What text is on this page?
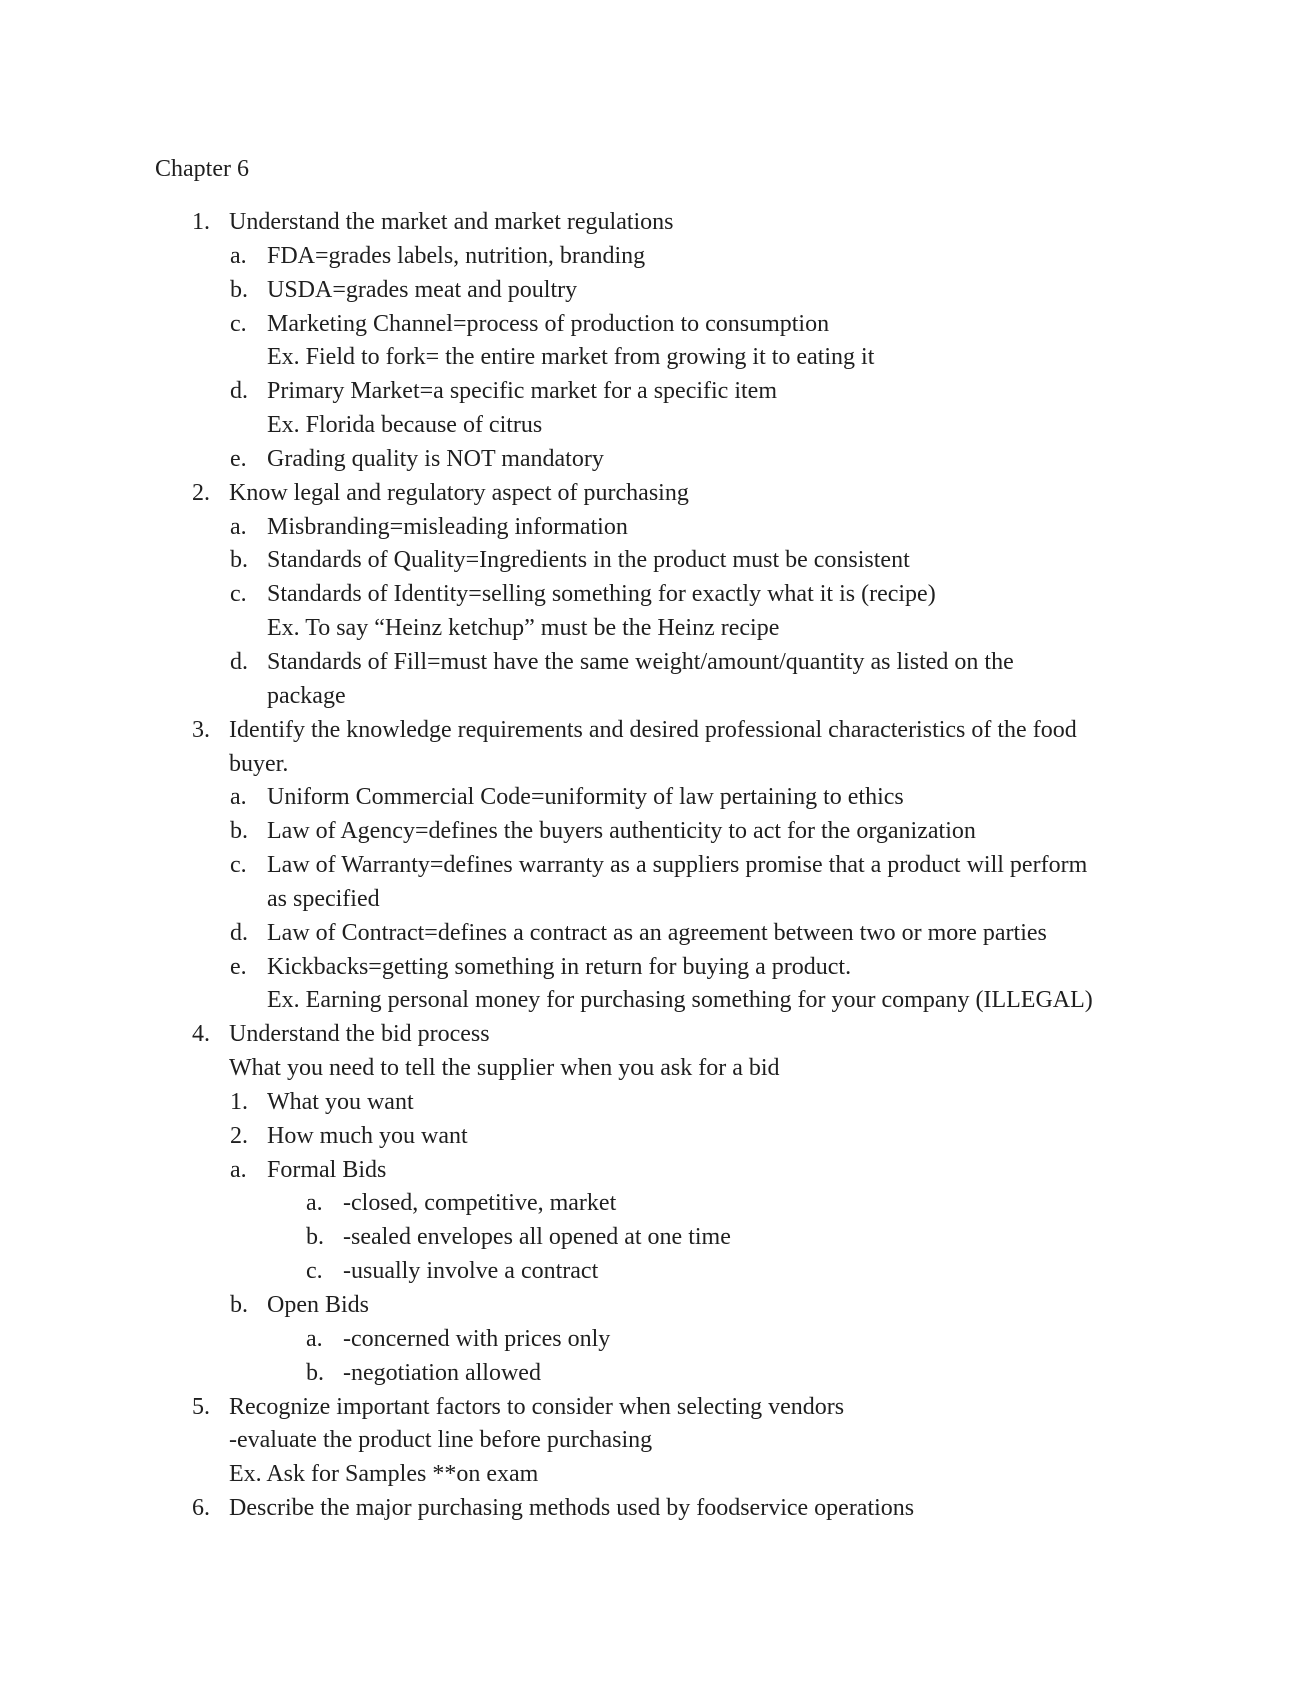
Chapter 6
1. Understand the market and market regulations
a. FDA=grades labels, nutrition, branding
b. USDA=grades meat and poultry
c. Marketing Channel=process of production to consumption
Ex. Field to fork= the entire market from growing it to eating it
d. Primary Market=a specific market for a specific item
Ex. Florida because of citrus
e. Grading quality is NOT mandatory
2. Know legal and regulatory aspect of purchasing
a. Misbranding=misleading information
b. Standards of Quality=Ingredients in the product must be consistent
c. Standards of Identity=selling something for exactly what it is (recipe)
Ex. To say “Heinz ketchup” must be the Heinz recipe
d. Standards of Fill=must have the same weight/amount/quantity as listed on the
package
3. Identify the knowledge requirements and desired professional characteristics of the food
buyer.
a. Uniform Commercial Code=uniformity of law pertaining to ethics
b. Law of Agency=defines the buyers authenticity to act for the organization
c. Law of Warranty=defines warranty as a suppliers promise that a product will perform
as specified
d. Law of Contract=defines a contract as an agreement between two or more parties
e. Kickbacks=getting something in return for buying a product.
Ex. Earning personal money for purchasing something for your company (ILLEGAL)
4. Understand the bid process
What you need to tell the supplier when you ask for a bid
1. What you want
2. How much you want
a. Formal Bids
a. -closed, competitive, market
b. -sealed envelopes all opened at one time
c. -usually involve a contract
b. Open Bids
a. -concerned with prices only
b. -negotiation allowed
5. Recognize important factors to consider when selecting vendors
-evaluate the product line before purchasing
Ex. Ask for Samples **on exam
6. Describe the major purchasing methods used by foodservice operations
